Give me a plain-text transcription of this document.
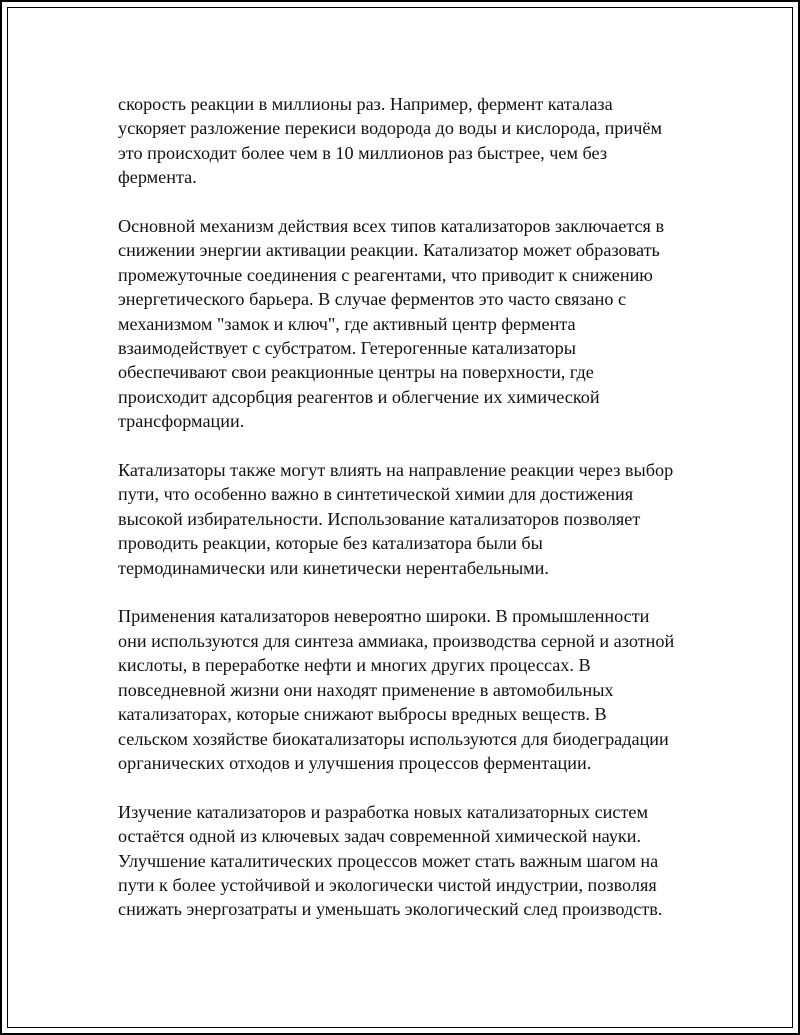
скорость реакции в миллионы раз. Например, фермент каталаза
ускоряет разложение перекиси водорода до воды и кислорода, причём
это происходит более чем в 10 миллионов раз быстрее, чем без
фермента.

Основной механизм действия всех типов катализаторов заключается в
снижении энергии активации реакции. Катализатор может образовать
промежуточные соединения с реагентами, что приводит к снижению
энергетического барьера. В случае ферментов это часто связано с
механизмом "замок и ключ", где активный центр фермента
взаимодействует с субстратом. Гетерогенные катализаторы
обеспечивают свои реакционные центры на поверхности, где
происходит адсорбция реагентов и облегчение их химической
трансформации.

Катализаторы также могут влиять на направление реакции через выбор
пути, что особенно важно в синтетической химии для достижения
высокой избирательности. Использование катализаторов позволяет
проводить реакции, которые без катализатора были бы
термодинамически или кинетически нерентабельными.

Применения катализаторов невероятно широки. В промышленности
они используются для синтеза аммиака, производства серной и азотной
кислоты, в переработке нефти и многих других процессах. В
повседневной жизни они находят применение в автомобильных
катализаторах, которые снижают выбросы вредных веществ. В
сельском хозяйстве биокатализаторы используются для биодеградации
органических отходов и улучшения процессов ферментации.

Изучение катализаторов и разработка новых катализаторных систем
остаётся одной из ключевых задач современной химической науки.
Улучшение каталитических процессов может стать важным шагом на
пути к более устойчивой и экологически чистой индустрии, позволяя
снижать энергозатраты и уменьшать экологический след производств.
